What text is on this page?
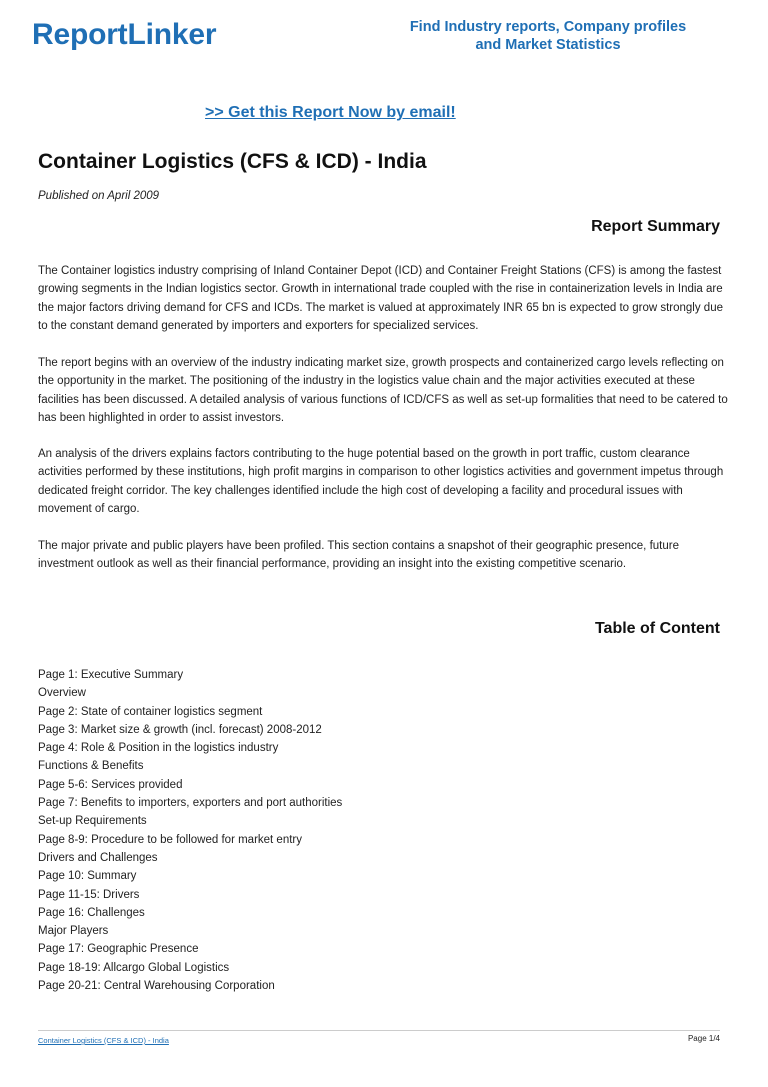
ReportLinker	Find Industry reports, Company profiles
and Market Statistics
>> Get this Report Now by email!
Container Logistics (CFS & ICD) - India
Published on April 2009
Report Summary

The Container logistics industry comprising of Inland Container Depot (ICD) and Container Freight Stations (CFS) is among the fastest growing segments in the Indian logistics sector. Growth in international trade coupled with the rise in containerization levels in India are the major factors driving demand for CFS and ICDs. The market is valued at approximately INR 65 bn is expected to grow strongly due to the constant demand generated by importers and exporters for specialized services.

The report begins with an overview of the industry indicating market size, growth prospects and containerized cargo levels reflecting on the opportunity in the market. The positioning of the industry in the logistics value chain and the major activities executed at these facilities has been discussed. A detailed analysis of various functions of ICD/CFS as well as set-up formalities that need to be catered to has been highlighted in order to assist investors.

An analysis of the drivers explains factors contributing to the huge potential based on the growth in port traffic, custom clearance activities performed by these institutions, high profit margins in comparison to other logistics activities and government impetus through dedicated freight corridor. The key challenges identified include the high cost of developing a facility and procedural issues with movement of cargo.

The major private and public players have been profiled. This section contains a snapshot of their geographic presence, future investment outlook as well as their financial performance, providing an insight into the existing competitive scenario.

Table of Content
Page 1: Executive Summary
Overview
Page 2: State of container logistics segment
Page 3: Market size & growth (incl. forecast) 2008-2012
Page 4: Role & Position in the logistics industry
Functions & Benefits
Page 5-6: Services provided
Page 7: Benefits to importers, exporters and port authorities
Set-up Requirements
Page 8-9: Procedure to be followed for market entry
Drivers and Challenges
Page 10: Summary
Page 11-15: Drivers
Page 16: Challenges
Major Players
Page 17: Geographic Presence
Page 18-19: Allcargo Global Logistics
Page 20-21: Central Warehousing Corporation
Container Logistics (CFS & ICD) - India	Page 1/4
